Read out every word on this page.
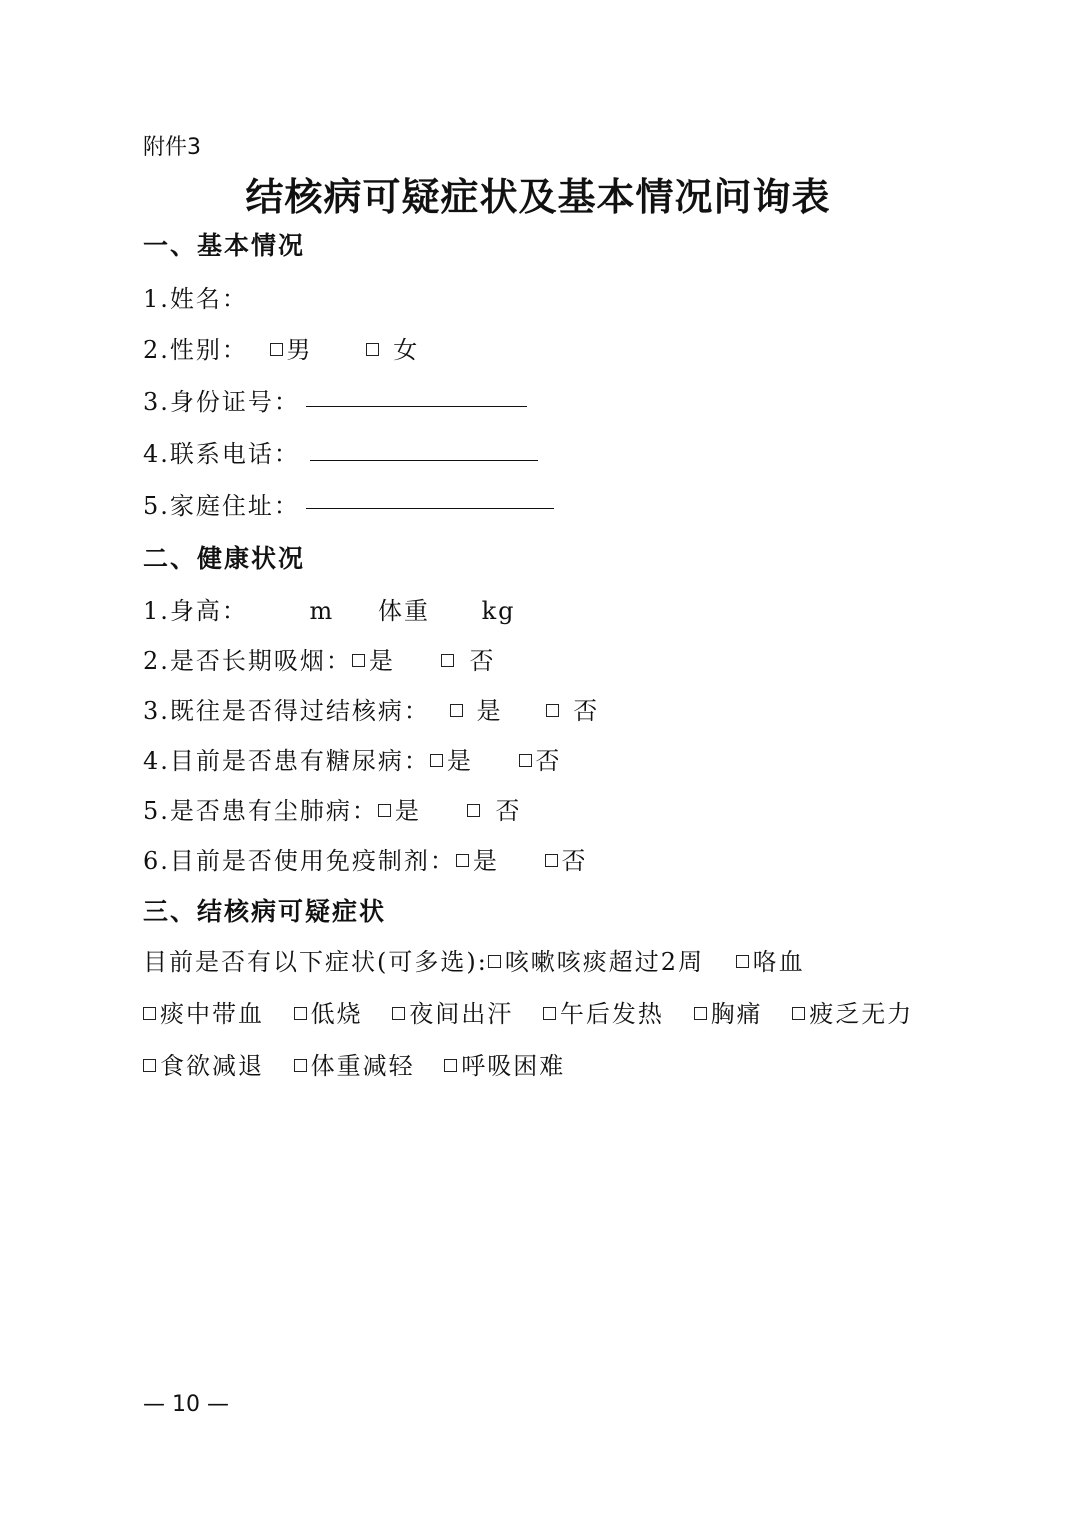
附件3
结核病可疑症状及基本情况问询表
一、基本情况
1.姓名：
2.性别： 男	女
3.身份证号：
4.联系电话：
5.家庭住址：
二、健康状况
1.身高：	m 体重 kg
2.是否长期吸烟： 是	否
3.既往是否得过结核病： 是	否
4.目前是否患有糖尿病： 是	否
5.是否患有尘肺病： 是	否
6.目前是否使用免疫制剂： 是	否
三、结核病可疑症状
目前是否有以下症状(可多选): 咳嗽咳痰超过2周 咯血
痰中带血 低烧 夜间出汗 午后发热 胸痛 疲乏无力
食欲减退 体重减轻 呼吸困难
— 10 —
